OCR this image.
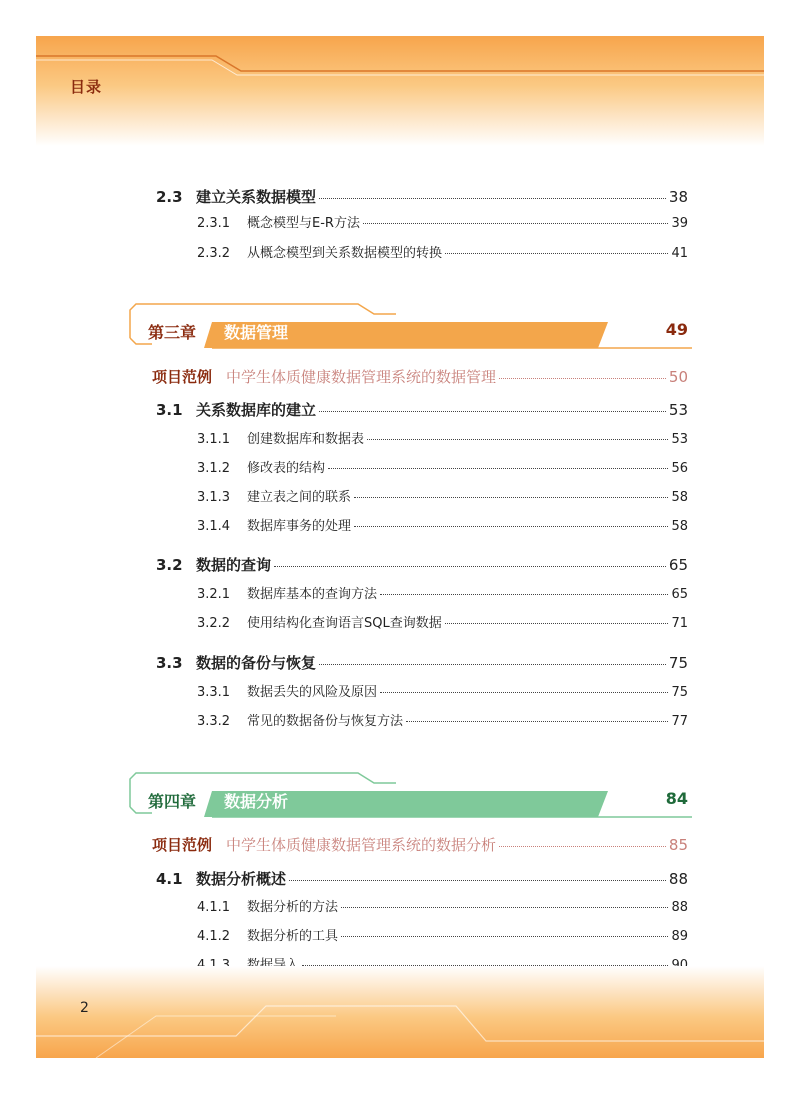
目录
2.3 建立关系数据模型	38
2.3.1	概念模型与E-R方法	39
2.3.2	从概念模型到关系数据模型的转换	41
第三章 数据管理	49
项目范例 中学生体质健康数据管理系统的数据管理	50
3.1 关系数据库的建立	53
3.1.1	创建数据库和数据表	53
3.1.2	修改表的结构	56
3.1.3	建立表之间的联系	58
3.1.4	数据库事务的处理	58
3.2 数据的查询	65
3.2.1	数据库基本的查询方法	65
3.2.2	使用结构化查询语言SQL查询数据	71
3.3 数据的备份与恢复	75
3.3.1	数据丢失的风险及原因	75
3.3.2	常见的数据备份与恢复方法	77
第四章 数据分析	84
项目范例 中学生体质健康数据管理系统的数据分析	85
4.1 数据分析概述	88
4.1.1	数据分析的方法	88
4.1.2	数据分析的工具	89
2
